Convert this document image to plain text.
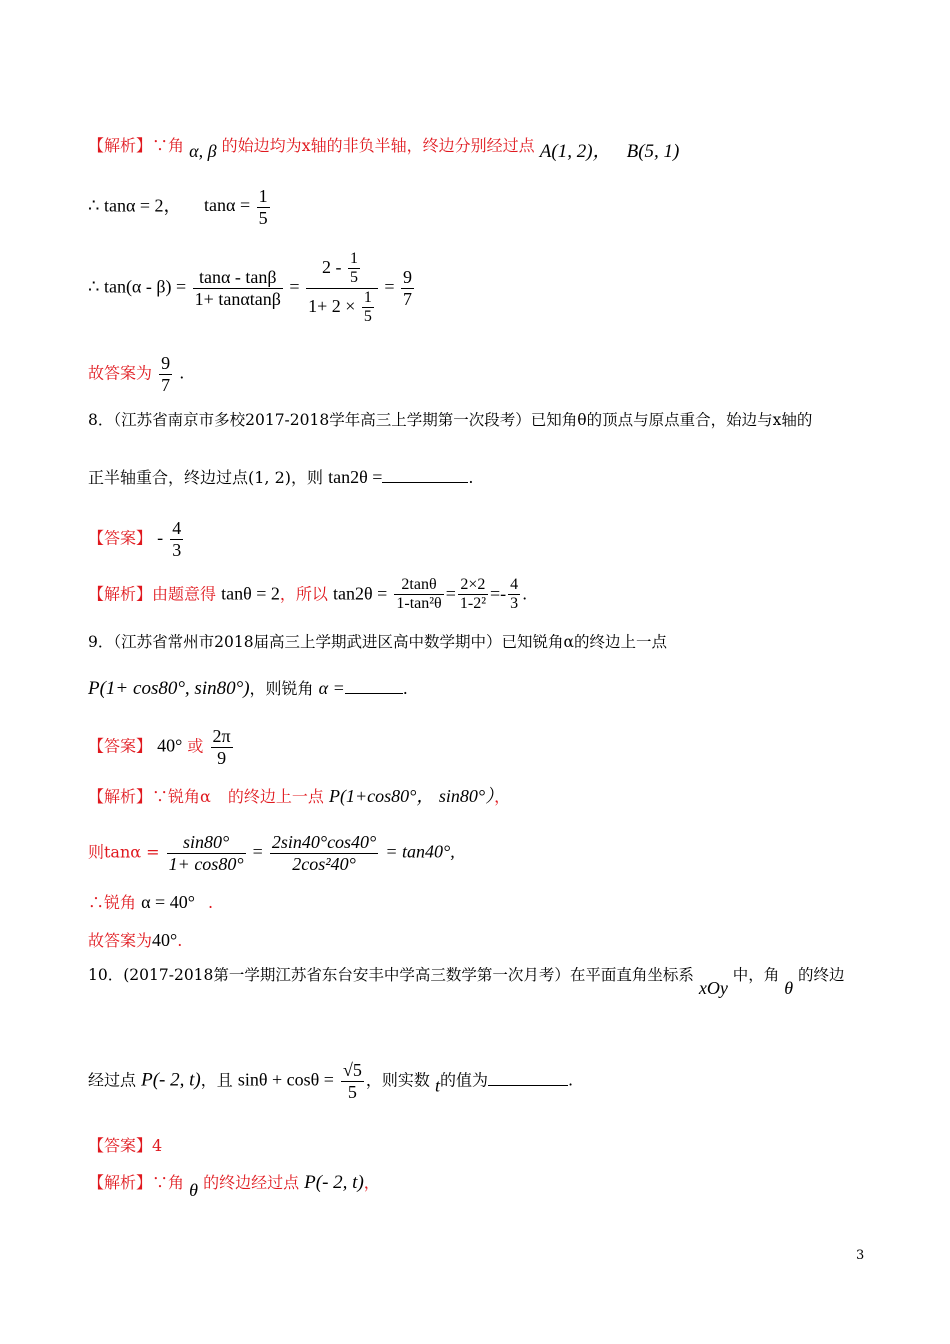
【解析】∵角 α, β 的始边均为x轴的非负半轴，终边分别经过点 A(1, 2)， B(5, 1)
∴ tanα = 2， $\tan\alpha = \frac{1}{5}$
∴ $\tan(\alpha - \beta) = \frac{\tan\alpha - \tan\beta}{1+ \tan\alpha\tan\beta} = \frac{2 - \frac{1}{5}}{1+ 2 \times \frac{1}{5}} = \frac{9}{7}$
故答案为 $\frac{9}{7}$ .
8．（江苏省南京市多校2017-2018学年高三上学期第一次段考）已知角θ的顶点与原点重合，始边与x轴的
正半轴重合，终边过点(1, 2)，则 tan2θ =	.
【答案】 - $\frac{4}{3}$
【解析】由题意得 tanθ = 2，所以 $\tan 2\theta = \frac{2\tan\theta}{\text{1-tan²θ}} = \frac{2\times 2}{\text{1-2²}} =- \frac{4}{3}$ .
9．（江苏省常州市2018届高三上学期武进区高中数学期中）已知锐角α的终边上一点
P(1+ cos80°, sin80°)，则锐角 α =	.
【答案】 40° 或 $\frac{2\pi}{9}$
【解析】∵锐角α 的终边上一点 P(1+cos80°， sin80°），
则$\tan\alpha = \frac{\sin 80^\circ}{1+ \cos 80^\circ} = \frac{2\sin 40^\circ\cos 40^\circ}{\text{2cos²40°}} = \tan 40^\circ$,
∴锐角 α = 40° .
故答案为40°.
10．(2017-2018第一学期江苏省东台安丰中学高三数学第一次月考）在平面直角坐标系 xOy 中，角 θ 的终边
经过点 P(- 2, t)，且 $\sin\theta + \cos\theta = \frac{√5}{5}$ ，则实数 t的值为	.
【答案】4
【解析】∵角 θ 的终边经过点 P(- 2, t)，
3
